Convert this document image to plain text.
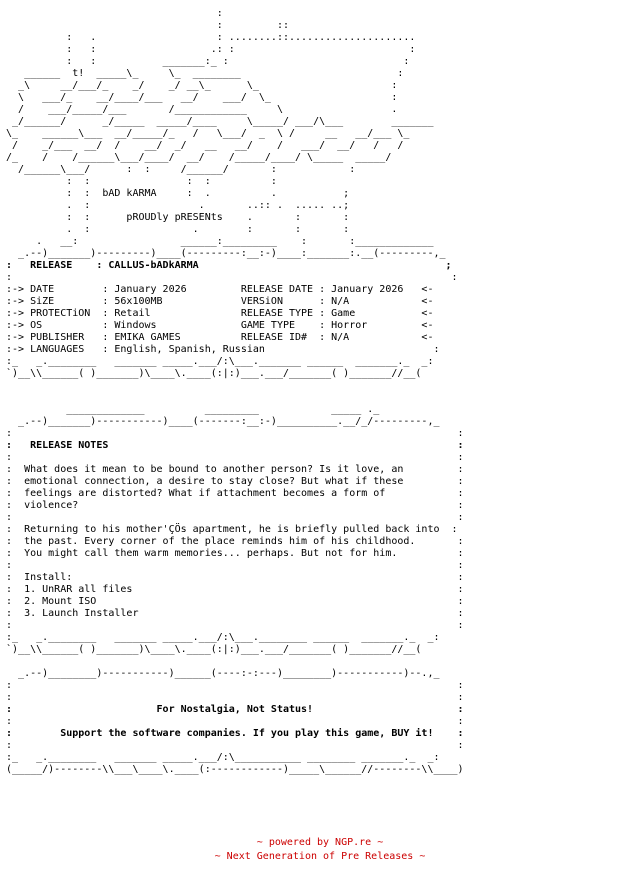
:
:         ::
:   .                    : ........::.....................
:   :                   .: :                             :
:   :           _______:_ :                             :
______  t!  _____\_     \_  ________                          :
_\     __/___/_    _/    _/ __\_      \_                      :
\   ___/_    __/____/___   __/    ___/  \_                    :
/    ___/_____/___       /____________     \                  .
_/______/      _/_____  _____/____     \_____/ ___/\___        _______
\_    ______\___  __/_____/_   /   \___/  _  \ /     __   __/___ \_
/    _/___  __/  /    __/  _/   __   __/    /   ___/  __/   /   /
/_    /    /______\___/____/  __/    /_____/____/ \_____  _____/
/______\___/      :  :     /______/       :            :
:  :                :  :          :
:  :  bAD kARMA     :  .          .           ;
.  :                  .       ..:: .  ..... ..;
:  :      pROUDly pRESENts    .       :       :
.  :                 .        :       :       :
.   __:                 ______:_________    :       :_____________
_.--)_______)---------)____(---------:__:-)____:_______:.__(---------,_
:   RELEASE    : CALLUS-bADkARMA                                         ;
:                                                                         :
:-> DATE        : January 2026         RELEASE DATE : January 2026   <-
:-> SiZE        : 56x100MB             VERSiON      : N/A            <-
:-> PROTECTiON  : Retail               RELEASE TYPE : Game           <-
:-> OS          : Windows              GAME TYPE    : Horror         <-
:-> PUBLISHER   : EMIKA GAMES          RELEASE ID#  : N/A            <-
:-> LANGUAGES   : English, Spanish, Russian                            :
:_   _.________   _______ _____.___/:\___._______ ______  _______._  _:
`)__\\______( )_______)\____\.____(:|:)___.___/_______( )_______//__(
_____________          _________            _____ ._
_.--)_______)-----------)____(-------:__:-)__________.__/_/---------,_
:                                                                          :
:   RELEASE NOTES                                                          :
:                                                                          :
:  What does it mean to be bound to another person? Is it love, an         :
:  emotional connection, a desire to stay close? But what if these         :
:  feelings are distorted? What if attachment becomes a form of            :
:  violence?                                                               :
:                                                                          :
:  Returning to his mother'ÇÖs apartment, he is briefly pulled back into  :
:  the past. Every corner of the place reminds him of his childhood.       :
:  You might call them warm memories... perhaps. But not for him.          :
:                                                                          :
:  Install:                                                                :
:  1. UnRAR all files                                                      :
:  2. Mount ISO                                                            :
:  3. Launch Installer                                                     :
:                                                                          :
:_   _.________   _______ _____.___/:\___.________ ______  _______._  _:
`)__\\______( )_______)\____\.____(:|:)___.___/_______( )_______//__(
_.--)________)-----------)______(----:-:---)________)-----------)--.,_
:                                                                          :
:                                                                          :
:                        For Nostalgia, Not Status!                        :
:                                                                          :
:        Support the software companies. If you play this game, BUY it!    :
:                                                                          :
:_   _.________   _______ _____.___/:\___________ ________ _______._  _:
(_____/)--------\\___\____\.____(:------------)_____\______//--------\\____)
~ powered by NGP.re ~
~ Next Generation of Pre Releases ~
